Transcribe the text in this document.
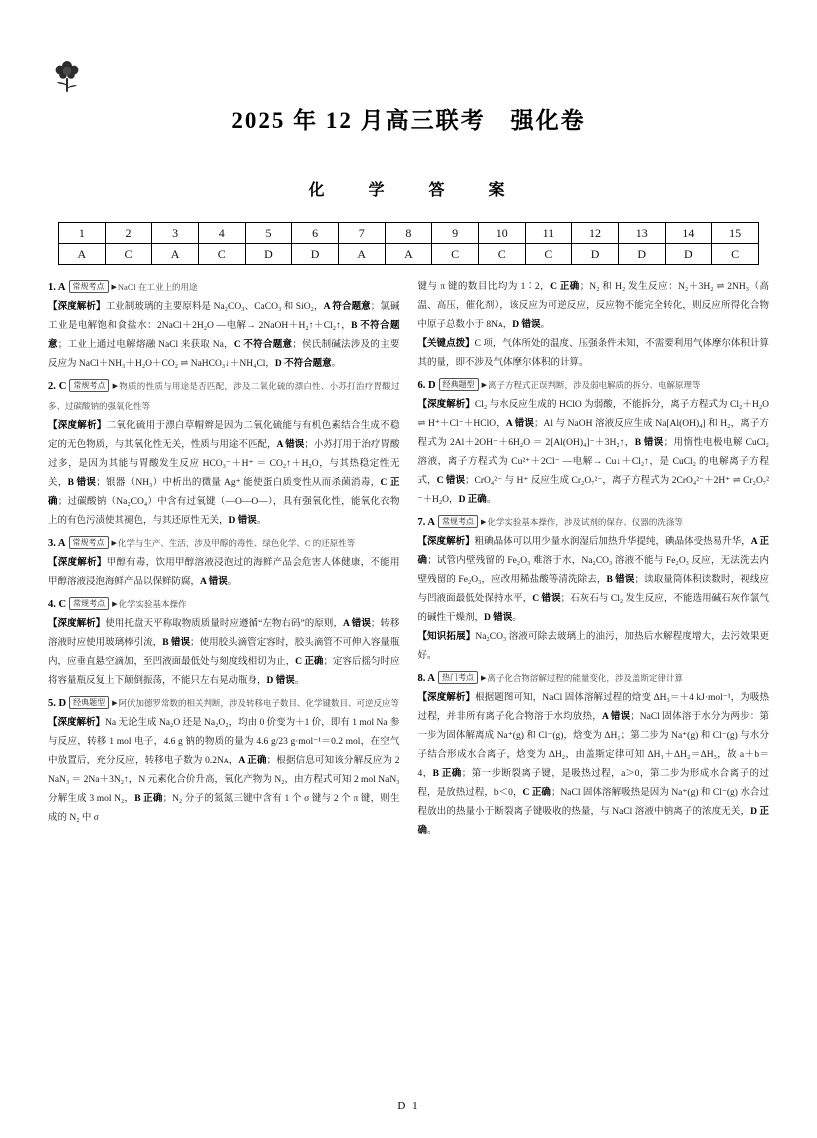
2025 年 12 月高三联考　强化卷
化　　学　　答　　案
1	2	3	4	5	6	7	8	9	10	11	12	13	14	15
A	C	A	C	D	D	A	A	C	C	C	D	D	D	C
1. A 常规考点 ▶NaCl 在工业上的用途
【深度解析】工业制玻璃的主要原料是 Na₂CO₃、CaCO₃ 和 SiO₂，A 符合题意；氯碱工业是电解饱和食盐水：2NaCl＋2H₂O —电解→ 2NaOH＋H₂↑＋Cl₂↑，B 不符合题意；工业上通过电解熔融 NaCl 来获取 Na，C 不符合题意；侯氏制碱法涉及的主要反应为 NaCl＋NH₃＋H₂O＋CO₂ ⇌ NaHCO₃↓＋NH₄Cl，D 不符合题意。
2. C 常规考点 ▶物质的性质与用途是否匹配，涉及二氧化硫的漂白性、小苏打治疗胃酸过多、过碳酸钠的强氧化性等
【深度解析】二氧化硫用于漂白草帽辫是因为二氧化硫能与有机色素结合生成不稳定的无色物质，与其氧化性无关，性质与用途不匹配，A 错误；小苏打用于治疗胃酸过多，是因为其能与胃酸发生反应 HCO₃⁻＋H⁺ ＝ CO₂↑＋H₂O，与其热稳定性无关，B 错误；银器（NH₃）中析出的微量 Ag⁺ 能使蛋白质变性从而杀菌消毒，C 正确；过碳酸钠（Na₂CO₄）中含有过氧键（—O—O—），具有强氧化性，能氧化衣物上的有色污渍使其褪色，与其还原性无关，D 错误。
3. A 常规考点 ▶化学与生产、生活，涉及甲醇的毒性、绿色化学、C 的还原性等
【深度解析】甲醇有毒，饮用甲醇溶液浸泡过的海鲜产品会危害人体健康，不能用甲醇溶液浸泡海鲜产品以保鲜防腐，A 错误。
4. C 常规考点 ▶化学实验基本操作
【深度解析】使用托盘天平称取物质质量时应遵循“左物右码”的原则，A 错误；转移溶液时应使用玻璃棒引流，B 错误；使用胶头滴管定容时，胶头滴管不可伸入容量瓶内，应垂直悬空滴加，至凹液面最低处与刻度线相切为止，C 正确；定容后摇匀时应将容量瓶反复上下颠倒振荡，不能只左右晃动瓶身，D 错误。
5. D 经典题型 ▶阿伏加德罗常数的相关判断，涉及转移电子数目、化学键数目、可逆反应等
【深度解析】Na 无论生成 Na₂O 还是 Na₂O₂，均由 0 价变为＋1 价，即有 1 mol Na 参与反应，转移 1 mol 电子，4.6 g 钠的物质的量为 4.6 g/23 g·mol⁻¹＝0.2 mol，在空气中放置后，充分反应，转移电子数为 0.2Nᴀ，A 正确；根据信息可知该分解反应为 2NaN₃ ＝ 2Na＋3N₂↑，N 元素化合价升高，氧化产物为 N₂，由方程式可知 2 mol NaN₃ 分解生成 3 mol N₂，B 正确；N₂ 分子的氮氮三键中含有 1 个 σ 键与 2 个 π 键，则生成的 N₂ 中 σ
键与 π 键的数目比均为 1∶2，C 正确；N₂ 和 H₂ 发生反应：N₂＋3H₂ ⇌ 2NH₃（高温、高压，催化剂），该反应为可逆反应，反应物不能完全转化，则反应所得化合物中原子总数小于 8Nᴀ，D 错误。
【关键点拨】C 项，气体所处的温度、压强条件未知，不需要利用气体摩尔体积计算其的量，即不涉及气体摩尔体积的计算。
6. D 经典题型 ▶离子方程式正误判断，涉及弱电解质的拆分、电解原理等
【深度解析】Cl₂ 与水反应生成的 HClO 为弱酸，不能拆分，离子方程式为 Cl₂＋H₂O ⇌ H⁺＋Cl⁻＋HClO，A 错误；Al 与 NaOH 溶液反应生成 Na[Al(OH)₄] 和 H₂，离子方程式为 2Al＋2OH⁻＋6H₂O ＝ 2[Al(OH)₄]⁻＋3H₂↑，B 错误；用惰性电极电解 CuCl₂ 溶液，离子方程式为 Cu²⁺＋2Cl⁻ —电解→ Cu↓＋Cl₂↑，是 CuCl₂ 的电解离子方程式，C 错误；CrO₄²⁻ 与 H⁺ 反应生成 Cr₂O₇²⁻，离子方程式为 2CrO₄²⁻＋2H⁺ ⇌ Cr₂O₇²⁻＋H₂O，D 正确。
7. A 常规考点 ▶化学实验基本操作，涉及试剂的保存、仪器的洗涤等
【深度解析】粗碘晶体可以用少量水润湿后加热升华提纯，碘晶体受热易升华，A 正确；试管内壁残留的 Fe₂O₃ 难溶于水，Na₂CO₃ 溶液不能与 Fe₂O₃ 反应，无法洗去内壁残留的 Fe₂O₃，应改用稀盐酸等清洗除去，B 错误；读取量筒体积读数时，视线应与凹液面最低处保持水平，C 错误；石灰石与 Cl₂ 发生反应，不能选用碱石灰作氯气的碱性干燥剂，D 错误。
【知识拓展】Na₂CO₃ 溶液可除去玻璃上的油污，加热后水解程度增大，去污效果更好。
8. A 热门考点 ▶离子化合物溶解过程的能量变化，涉及盖斯定律计算
【深度解析】根据题图可知，NaCl 固体溶解过程的焓变 ΔH₃＝＋4 kJ·mol⁻¹，为吸热过程，并非所有离子化合物溶于水均放热，A 错误；NaCl 固体溶于水分为两步：第一步为固体解离成 Na⁺(g) 和 Cl⁻(g)，焓变为 ΔH₁；第二步为 Na⁺(g) 和 Cl⁻(g) 与水分子结合形成水合离子，焓变为 ΔH₂，由盖斯定律可知 ΔH₁＋ΔH₂＝ΔH₃，故 a＋b＝4，B 正确；第一步断裂离子键，是吸热过程，a＞0，第二步为形成水合离子的过程，是放热过程，b＜0，C 正确；NaCl 固体溶解吸热是因为 Na⁺(g) 和 Cl⁻(g) 水合过程放出的热量小于断裂离子键吸收的热量，与 NaCl 溶液中钠离子的浓度无关，D 正确。
D 1
